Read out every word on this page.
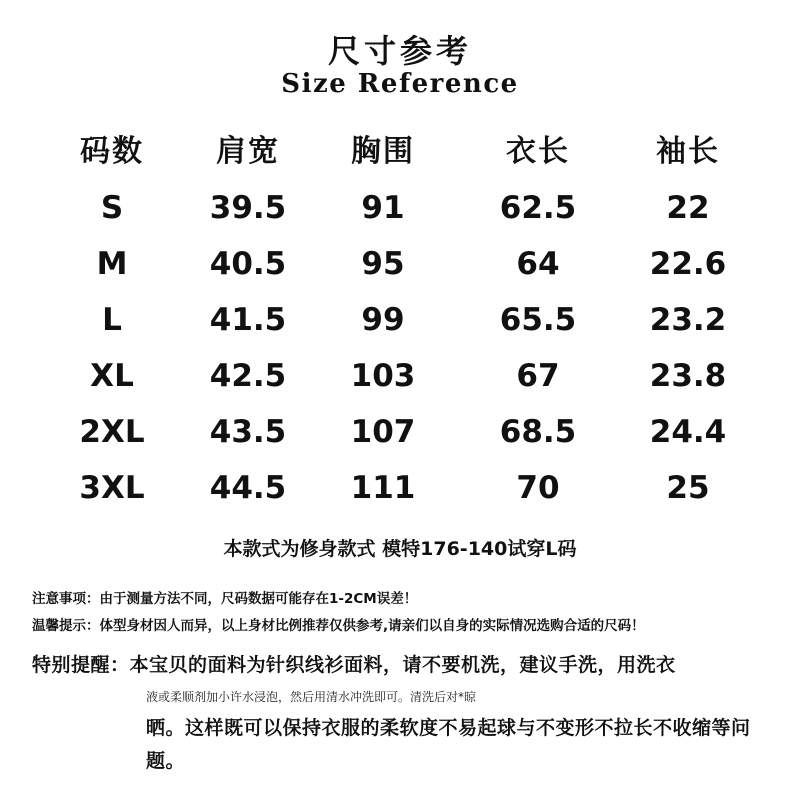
尺寸参考
Size Reference
码数	肩宽	胸围	衣长	袖长
S	39.5	91	62.5	22
M	40.5	95	64	22.6
L	41.5	99	65.5	23.2
XL	42.5	103	67	23.8
2XL	43.5	107	68.5	24.4
3XL	44.5	111	70	25
本款式为修身款式 模特176-140试穿L码
注意事项：由于测量方法不同，尺码数据可能存在1-2CM误差！
温馨提示：体型身材因人而异，以上身材比例推荐仅供参考,请亲们以自身的实际情况选购合适的尺码！
特别提醒：本宝贝的面料为针织线衫面料，请不要机洗，建议手洗，用洗衣
液或柔顺剂加小许水浸泡，然后用清水冲洗即可。清洗后对*晾
晒。这样既可以保持衣服的柔软度不易起球与不变形不拉长不收缩等问题。
